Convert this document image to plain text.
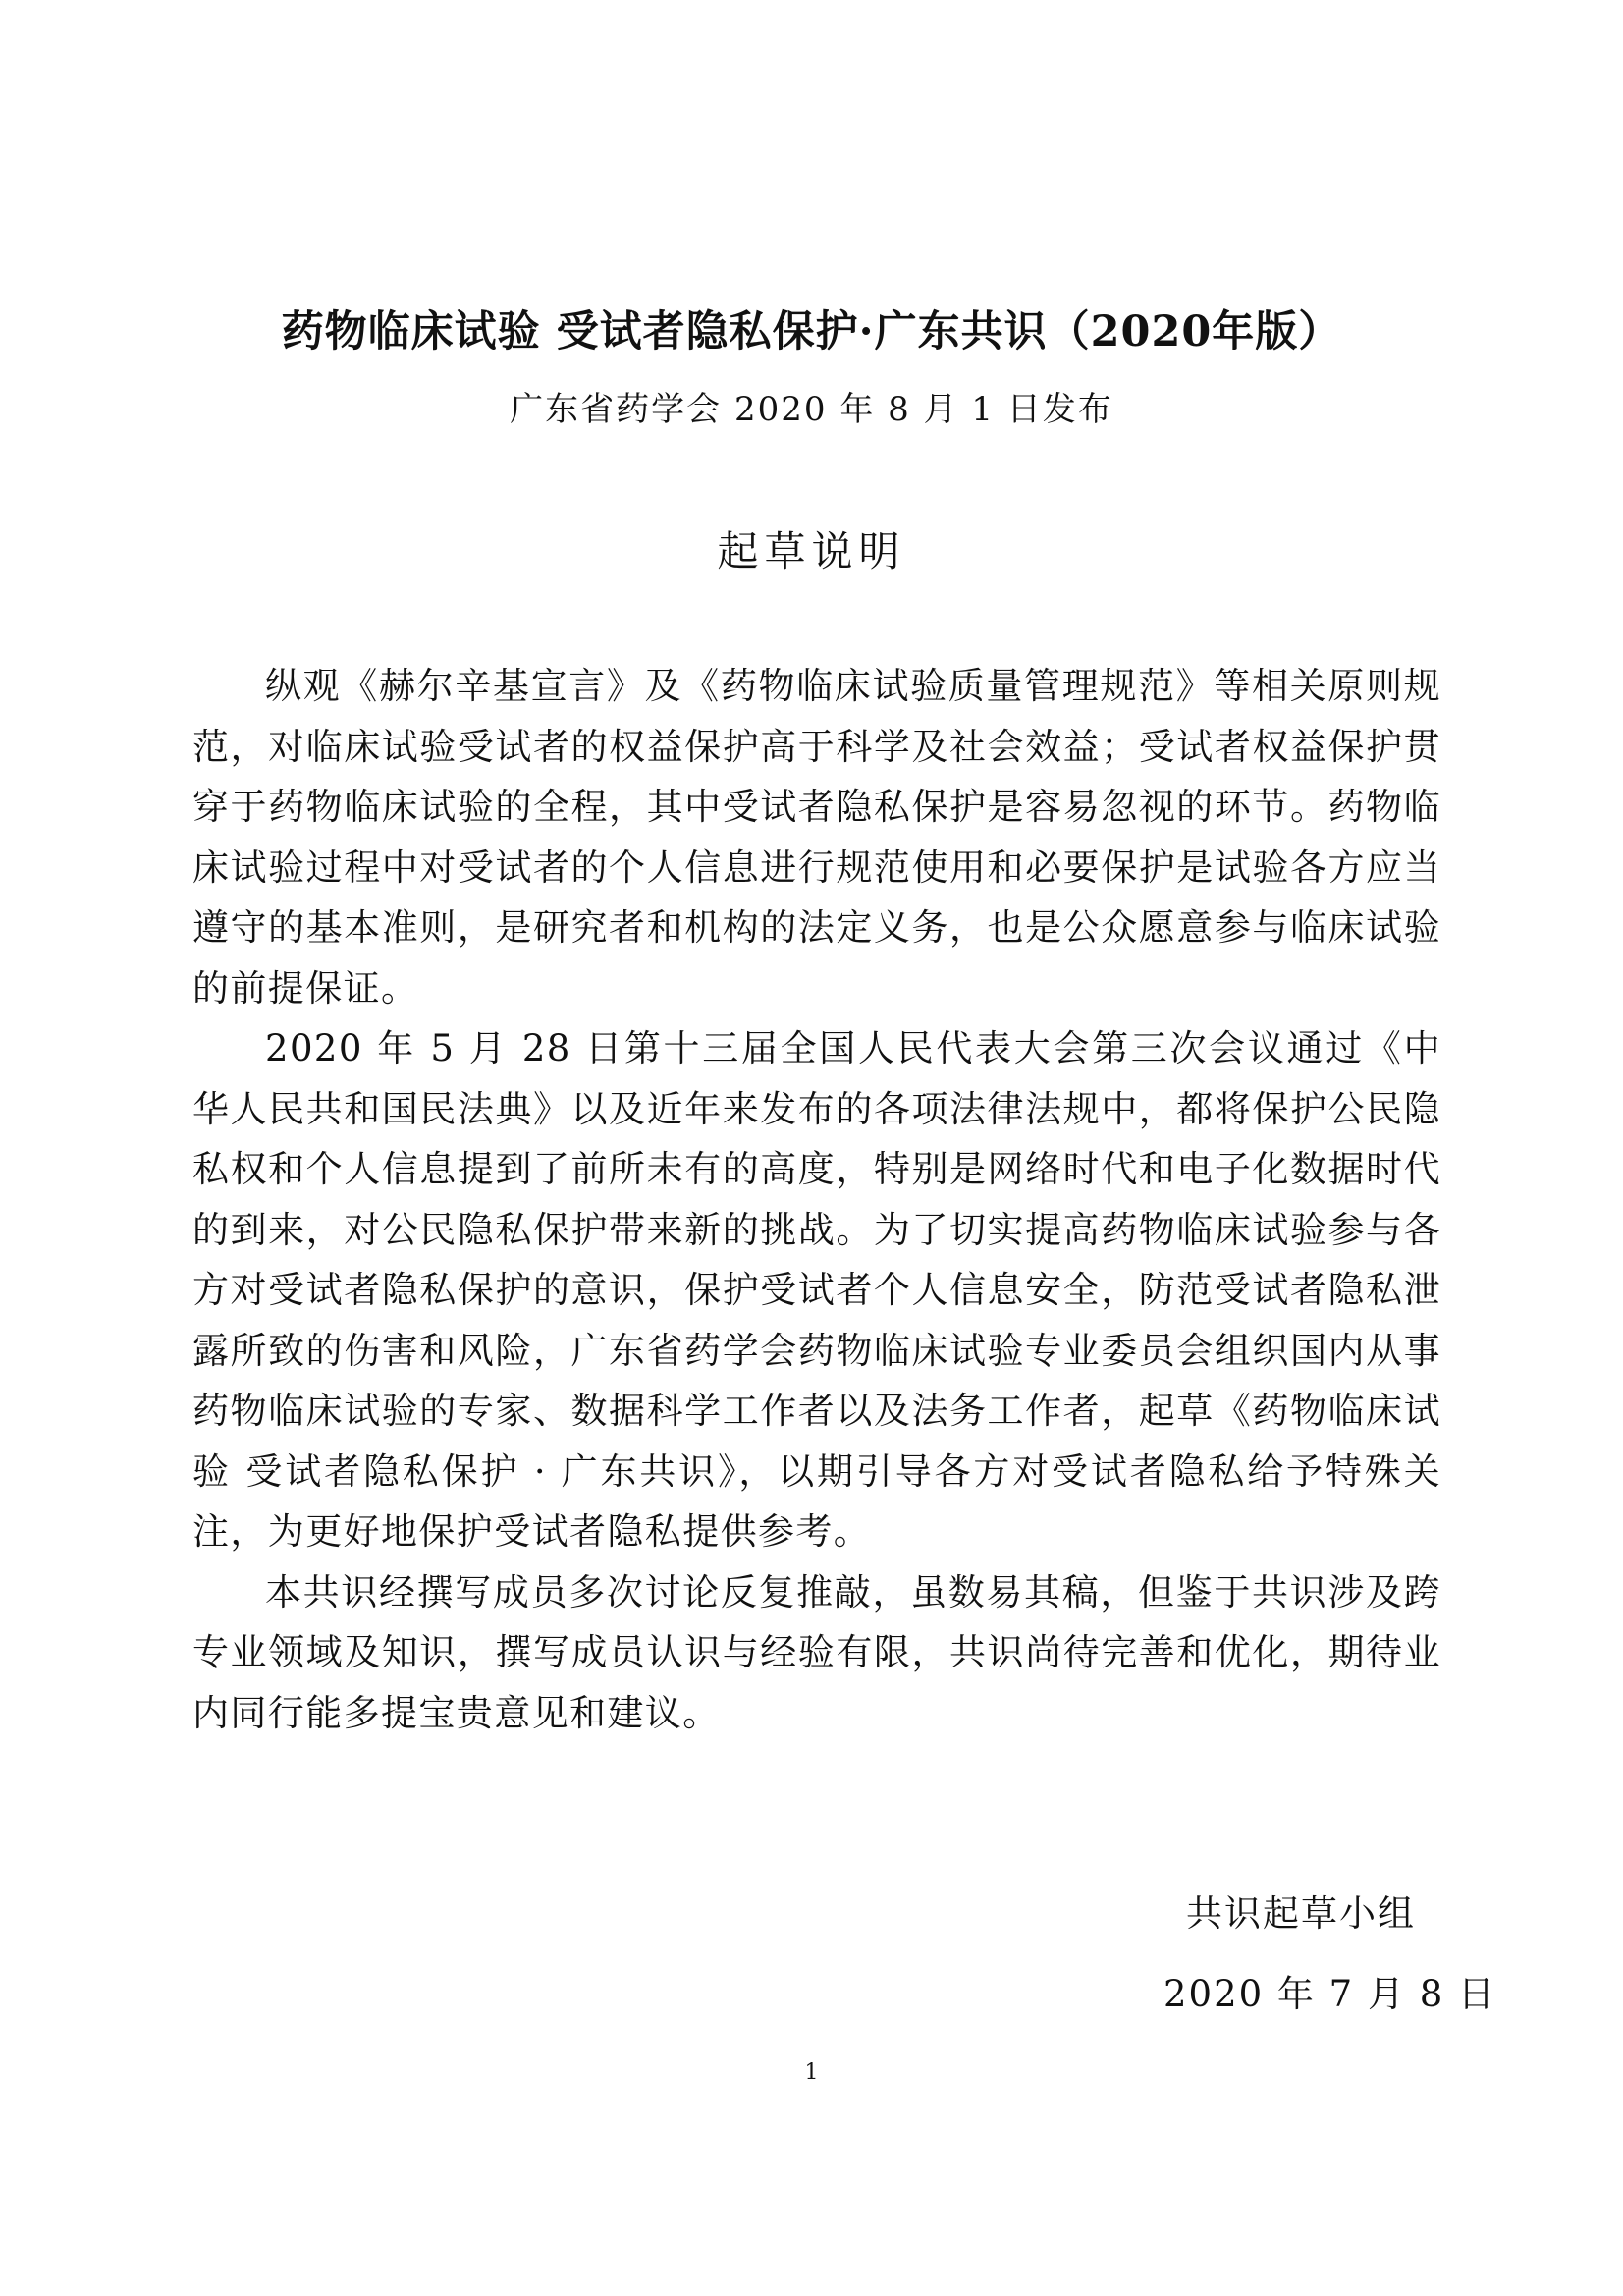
药物临床试验 受试者隐私保护·广东共识（2020年版）
广东省药学会 2020 年 8 月 1 日发布
起草说明

纵观《赫尔辛基宣言》及《药物临床试验质量管理规范》等相关原则规范，对临床试验受试者的权益保护高于科学及社会效益；受试者权益保护贯穿于药物临床试验的全程，其中受试者隐私保护是容易忽视的环节。药物临床试验过程中对受试者的个人信息进行规范使用和必要保护是试验各方应当遵守的基本准则，是研究者和机构的法定义务，也是公众愿意参与临床试验的前提保证。

2020 年 5 月 28 日第十三届全国人民代表大会第三次会议通过《中华人民共和国民法典》以及近年来发布的各项法律法规中，都将保护公民隐私权和个人信息提到了前所未有的高度，特别是网络时代和电子化数据时代的到来，对公民隐私保护带来新的挑战。为了切实提高药物临床试验参与各方对受试者隐私保护的意识，保护受试者个人信息安全，防范受试者隐私泄露所致的伤害和风险，广东省药学会药物临床试验专业委员会组织国内从事药物临床试验的专家、数据科学工作者以及法务工作者，起草《药物临床试验 受试者隐私保护 · 广东共识》，以期引导各方对受试者隐私给予特殊关注，为更好地保护受试者隐私提供参考。

本共识经撰写成员多次讨论反复推敲，虽数易其稿，但鉴于共识涉及跨专业领域及知识，撰写成员认识与经验有限，共识尚待完善和优化，期待业内同行能多提宝贵意见和建议。

共识起草小组
2020 年 7 月 8 日
1
